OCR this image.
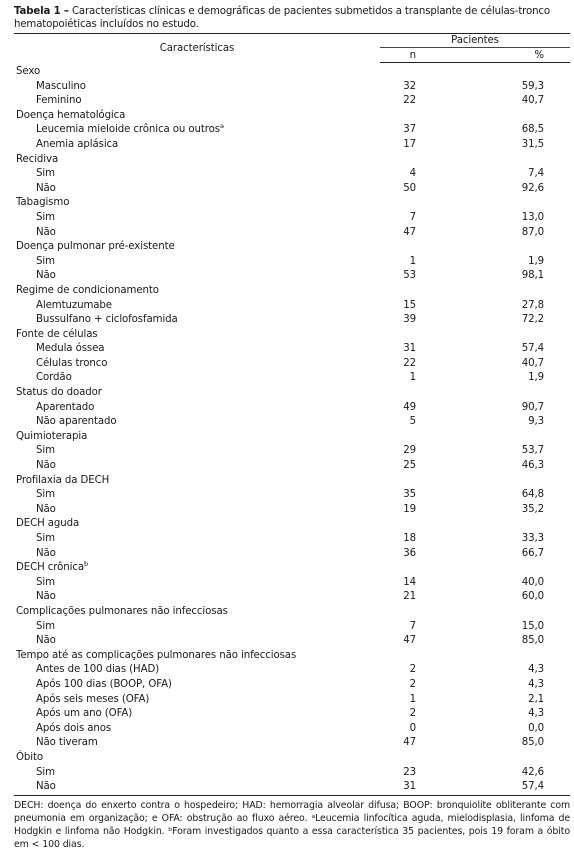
Tabela 1 – Características clínicas e demográficas de pacientes submetidos a transplante de células-tronco hematopoiéticas incluídos no estudo.

Características	Pacientes	
	n	%
Sexo		
Masculino	32	59,3
Feminino	22	40,7
Doença hematológica		
Leucemia mieloide crônica ou outros$^a$	37	68,5
Anemia aplásica	17	31,5
Recidiva		
Sim	4	7,4
Não	50	92,6
Tabagismo		
Sim	7	13,0
Não	47	87,0
Doença pulmonar pré-existente		
Sim	1	1,9
Não	53	98,1
Regime de condicionamento		
Alemtuzumabe	15	27,8
Bussulfano + ciclofosfamida	39	72,2
Fonte de células		
Medula óssea	31	57,4
Células tronco	22	40,7
Cordão	1	1,9
Status do doador		
Aparentado	49	90,7
Não aparentado	5	9,3
Quimioterapia		
Sim	29	53,7
Não	25	46,3
Profilaxia da DECH		
Sim	35	64,8
Não	19	35,2
DECH aguda		
Sim	18	33,3
Não	36	66,7
DECH crônica$^b$		
Sim	14	40,0
Não	21	60,0
Complicações pulmonares não infecciosas		
Sim	7	15,0
Não	47	85,0
Tempo até as complicações pulmonares não infecciosas		
Antes de 100 dias (HAD)	2	4,3
Após 100 dias (BOOP, OFA)	2	4,3
Após seis meses (OFA)	1	2,1
Após um ano (OFA)	2	4,3
Após dois anos	0	0,0
Não tiveram	47	85,0
Óbito		
Sim	23	42,6
Não	31	57,4

DECH: doença do enxerto contra o hospedeiro; HAD: hemorragia alveolar difusa; BOOP: bronquiolite obliterante com pneumonia em organização; e OFA: obstrução ao fluxo aéreo. ᵃLeucemia linfocítica aguda, mielodisplasia, linfoma de Hodgkin e linfoma não Hodgkin. ᵇForam investigados quanto a essa característica 35 pacientes, pois 19 foram a óbito em < 100 dias.
